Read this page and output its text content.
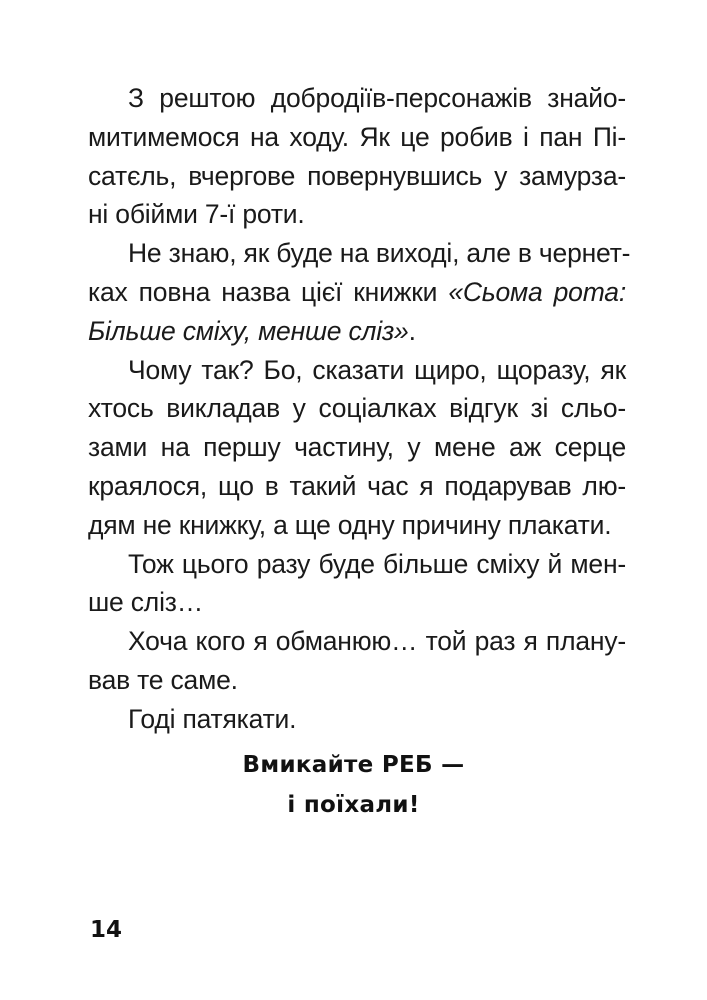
З рештою добродіїв-персонажів знайо-
митимемося на ходу. Як це робив і пан Пі-
сатєль, вчергове повернувшись у замурза-
ні обійми 7-ї роти.
Не знаю, як буде на виході, але в чернет-
ках повна назва цієї книжки «Сьома рота:
Більше сміху, менше сліз».
Чому так? Бо, сказати щиро, щоразу, як
хтось викладав у соціалках відгук зі сльо-
зами на першу частину, у мене аж серце
краялося, що в такий час я подарував лю-
дям не книжку, а ще одну причину плакати.
Тож цього разу буде більше сміху й мен-
ше сліз…
Хоча кого я обманюю… той раз я плану-
вав те саме.
Годі патякати.
Вмикайте РЕБ —
і поїхали!
14
